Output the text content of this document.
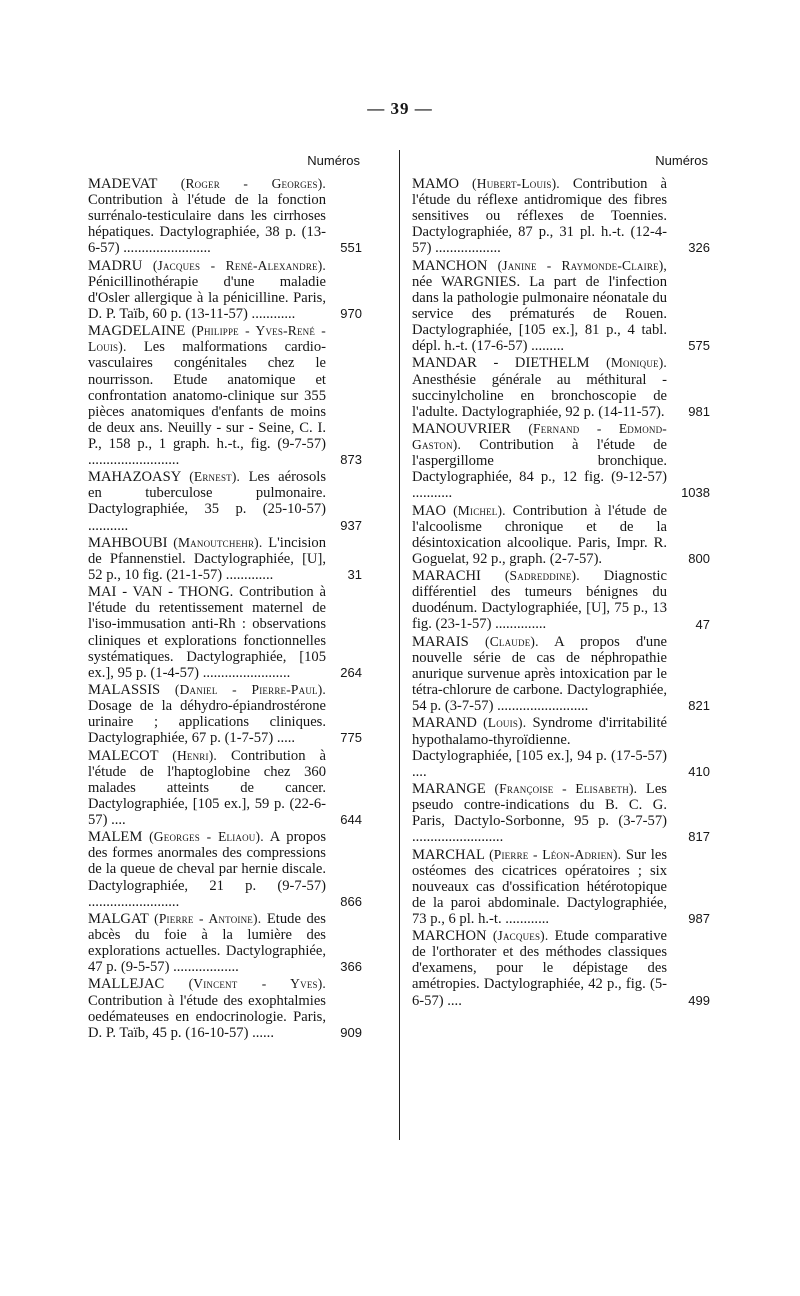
— 39 —
Numéros	Numéros
MADEVAT (Roger - Georges). Contribution à l'étude de la fonction surrénalo-testiculaire dans les cirrhoses hépatiques. Dactylographiée, 38 p. (13-6-57) ........................	551
MADRU (Jacques - René-Alexandre). Pénicillinothérapie d'une maladie d'Osler allergique à la pénicilline. Paris, D. P. Taïb, 60 p. (13-11-57) ............	970
MAGDELAINE (Philippe - Yves-René - Louis). Les malformations cardio-vasculaires congénitales chez le nourrisson. Etude anatomique et confrontation anatomo-clinique sur 355 pièces anatomiques d'enfants de moins de deux ans. Neuilly - sur - Seine, C. I. P., 158 p., 1 graph. h.-t., fig. (9-7-57) .........................	873
MAHAZOASY (Ernest). Les aérosols en tuberculose pulmonaire. Dactylographiée, 35 p. (25-10-57) ...........	937
MAHBOUBI (Manoutchehr). L'incision de Pfannenstiel. Dactylographiée, [U], 52 p., 10 fig. (21-1-57) .............	31
MAI - VAN - THONG. Contribution à l'étude du retentissement maternel de l'iso-immusation anti-Rh : observations cliniques et explorations fonctionnelles systématiques. Dactylographiée, [105 ex.], 95 p. (1-4-57) ........................	264
MALASSIS (Daniel - Pierre-Paul). Dosage de la déhydro-épiandrostérone urinaire ; applications cliniques. Dactylographiée, 67 p. (1-7-57) .....	775
MALECOT (Henri). Contribution à l'étude de l'haptoglobine chez 360 malades atteints de cancer. Dactylographiée, [105 ex.], 59 p. (22-6-57) ....	644
MALEM (Georges - Eliaou). A propos des formes anormales des compressions de la queue de cheval par hernie discale. Dactylographiée, 21 p. (9-7-57) .........................	866
MALGAT (Pierre - Antoine). Etude des abcès du foie à la lumière des explorations actuelles. Dactylographiée, 47 p. (9-5-57) ..................	366
MALLEJAC (Vincent - Yves). Contribution à l'étude des exophtalmies oedémateuses en endocrinologie. Paris, D. P. Taïb, 45 p. (16-10-57) ......	909
MAMO (Hubert-Louis). Contribution à l'étude du réflexe antidromique des fibres sensitives ou réflexes de Toennies. Dactylographiée, 87 p., 31 pl. h.-t. (12-4-57) ..................	326
MANCHON (Janine - Raymonde-Claire), née WARGNIES. La part de l'infection dans la pathologie pulmonaire néonatale du service des prématurés de Rouen. Dactylographiée, [105 ex.], 81 p., 4 tabl. dépl. h.-t. (17-6-57) .........	575
MANDAR - DIETHELM (Monique). Anesthésie générale au méthitural - succinylcholine en bronchoscopie de l'adulte. Dactylographiée, 92 p. (14-11-57). 981
MANOUVRIER (Fernand - Edmond-Gaston). Contribution à l'étude de l'aspergillome bronchique. Dactylographiée, 84 p., 12 fig. (9-12-57) ...........	1038
MAO (Michel). Contribution à l'étude de l'alcoolisme chronique et de la désintoxication alcoolique. Paris, Impr. R. Goguelat, 92 p., graph. (2-7-57).	800
MARACHI (Sadreddine). Diagnostic différentiel des tumeurs bénignes du duodénum. Dactylographiée, [U], 75 p., 13 fig. (23-1-57) ..............	47
MARAIS (Claude). A propos d'une nouvelle série de cas de néphropathie anurique survenue après intoxication par le tétra-chlorure de carbone. Dactylographiée, 54 p. (3-7-57) .........................	821
MARAND (Louis). Syndrome d'irritabilité hypothalamo-thyroïdienne. Dactylographiée, [105 ex.], 94 p. (17-5-57) ....	410
MARANGE (Françoise - Elisabeth). Les pseudo contre-indications du B. C. G. Paris, Dactylo-Sorbonne, 95 p. (3-7-57) .........................	817
MARCHAL (Pierre - Léon-Adrien). Sur les ostéomes des cicatrices opératoires ; six nouveaux cas d'ossification hétérotopique de la paroi abdominale. Dactylographiée, 73 p., 6 pl. h.-t. ............	987
MARCHON (Jacques). Etude comparative de l'orthorater et des méthodes classiques d'examens, pour le dépistage des amétropies. Dactylographiée, 42 p., fig. (5-6-57) ....	499
